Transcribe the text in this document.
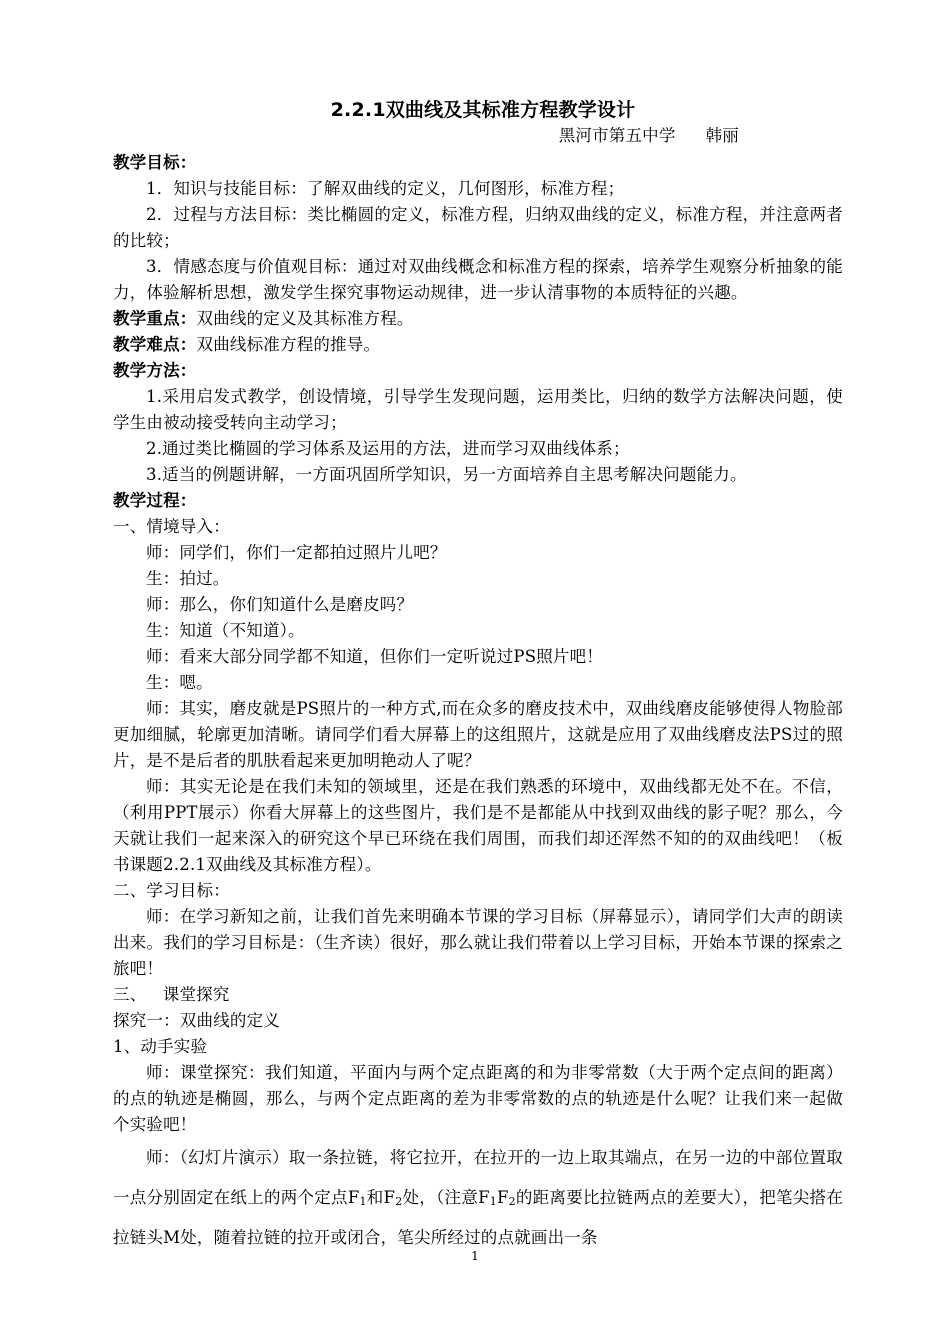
2.2.1双曲线及其标准方程教学设计
黑河市第五中学 韩丽

教学目标：

1．知识与技能目标：了解双曲线的定义，几何图形，标准方程；

2．过程与方法目标：类比椭圆的定义，标准方程，归纳双曲线的定义，标准方程，并注意两者的比较；

3．情感态度与价值观目标：通过对双曲线概念和标准方程的探索，培养学生观察分析抽象的能力，体验解析思想，激发学生探究事物运动规律，进一步认清事物的本质特征的兴趣。

教学重点：双曲线的定义及其标准方程。

教学难点：双曲线标准方程的推导。

教学方法：

1.采用启发式教学，创设情境，引导学生发现问题，运用类比，归纳的数学方法解决问题，使学生由被动接受转向主动学习；

2.通过类比椭圆的学习体系及运用的方法，进而学习双曲线体系；

3.适当的例题讲解，一方面巩固所学知识，另一方面培养自主思考解决问题能力。

教学过程：

一、情境导入：

师：同学们，你们一定都拍过照片儿吧？

生：拍过。

师：那么，你们知道什么是磨皮吗？

生：知道（不知道）。

师：看来大部分同学都不知道，但你们一定听说过PS照片吧！

生：嗯。

师：其实，磨皮就是PS照片的一种方式,而在众多的磨皮技术中，双曲线磨皮能够使得人物脸部更加细腻，轮廓更加清晰。请同学们看大屏幕上的这组照片，这就是应用了双曲线磨皮法PS过的照片，是不是后者的肌肤看起来更加明艳动人了呢？

师：其实无论是在我们未知的领域里，还是在我们熟悉的环境中，双曲线都无处不在。不信，（利用PPT展示）你看大屏幕上的这些图片，我们是不是都能从中找到双曲线的影子呢？那么，今天就让我们一起来深入的研究这个早已环绕在我们周围，而我们却还浑然不知的的双曲线吧！（板书课题2.2.1双曲线及其标准方程）。

二、学习目标：

师：在学习新知之前，让我们首先来明确本节课的学习目标（屏幕显示），请同学们大声的朗读出来。我们的学习目标是：（生齐读）很好，那么就让我们带着以上学习目标，开始本节课的探索之旅吧！

三、 课堂探究

探究一：双曲线的定义

1、动手实验

师：课堂探究：我们知道，平面内与两个定点距离的和为非零常数（大于两个定点间的距离）的点的轨迹是椭圆，那么，与两个定点距离的差为非零常数的点的轨迹是什么呢？让我们来一起做个实验吧！

师：（幻灯片演示）取一条拉链，将它拉开，在拉开的一边上取其端点，在另一边的中部位置取一点分别固定在纸上的两个定点$F_1$和$F_2$处，（注意$F_1F_2$的距离要比拉链两点的差要大），把笔尖搭在拉链头M处，随着拉链的拉开或闭合，笔尖所经过的点就画出一条

1
